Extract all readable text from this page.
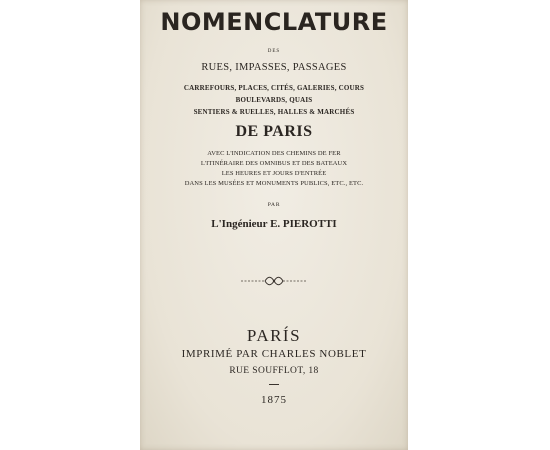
NOMENCLATURE

DES

RUES, IMPASSES, PASSAGES

CARREFOURS, PLACES, CITÉS, GALERIES, COURS

BOULEVARDS, QUAIS

SENTIERS & RUELLES, HALLES & MARCHÉS

DE PARIS

AVEC L'INDICATION DES CHEMINS DE FER

L'ITINÉRAIRE DES OMNIBUS ET DES BATEAUX

LES HEURES ET JOURS D'ENTRÉE

DANS LES MUSÉES ET MONUMENTS PUBLICS, ETC., ETC.

PAR

L'Ingénieur E. PIEROTTI

PARÍS

IMPRIMÉ PAR CHARLES NOBLET

RUE SOUFFLOT, 18

1875
